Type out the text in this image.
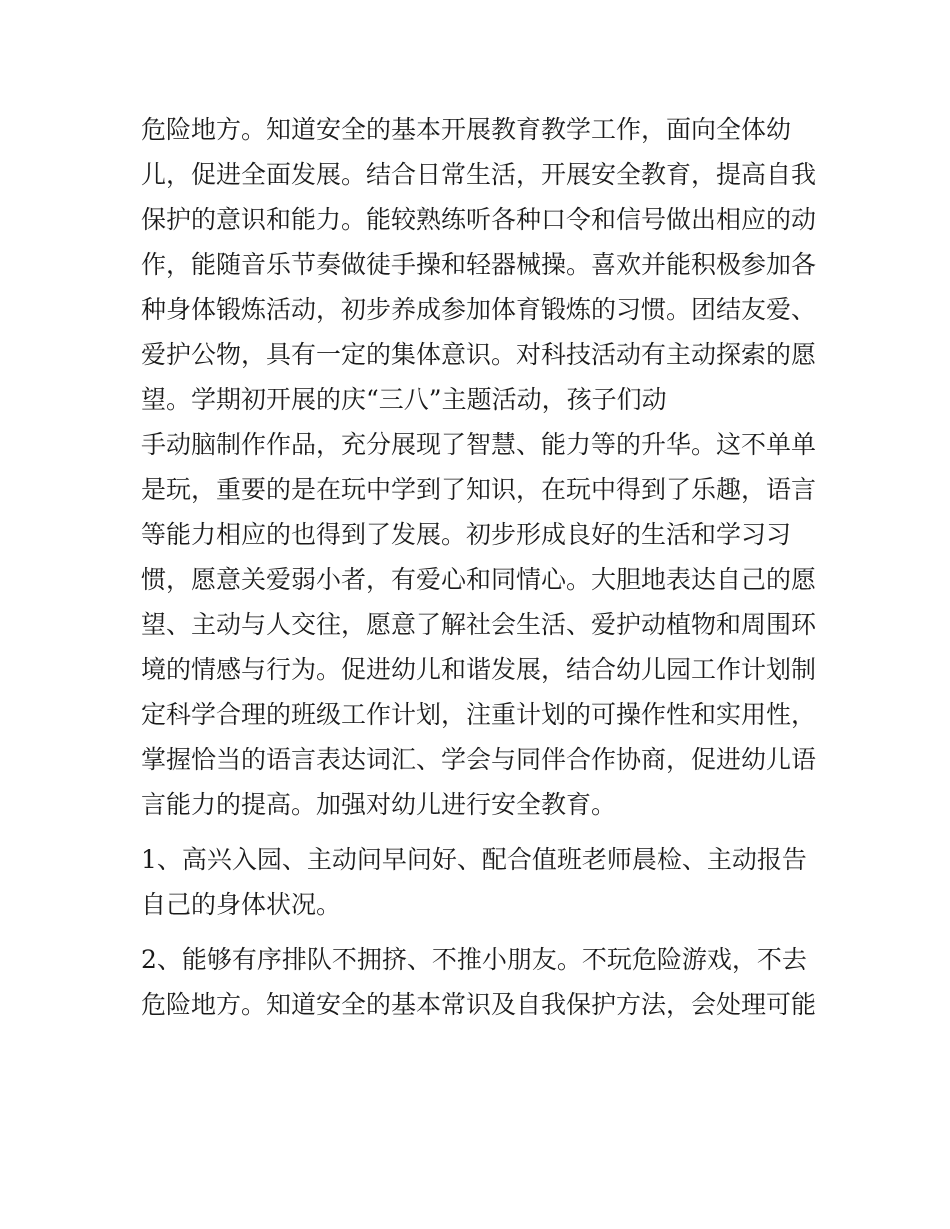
危险地方。知道安全的基本开展教育教学工作，面向全体幼
儿，促进全面发展。结合日常生活，开展安全教育，提高自我
保护的意识和能力。能较熟练听各种口令和信号做出相应的动
作，能随音乐节奏做徒手操和轻器械操。喜欢并能积极参加各
种身体锻炼活动，初步养成参加体育锻炼的习惯。团结友爱、
爱护公物，具有一定的集体意识。对科技活动有主动探索的愿
望。学期初开展的庆“三八”主题活动，孩子们动
手动脑制作作品，充分展现了智慧、能力等的升华。这不单单
是玩，重要的是在玩中学到了知识，在玩中得到了乐趣，语言
等能力相应的也得到了发展。初步形成良好的生活和学习习
惯，愿意关爱弱小者，有爱心和同情心。大胆地表达自己的愿
望、主动与人交往，愿意了解社会生活、爱护动植物和周围环
境的情感与行为。促进幼儿和谐发展，结合幼儿园工作计划制
定科学合理的班级工作计划，注重计划的可操作性和实用性，
掌握恰当的语言表达词汇、学会与同伴合作协商，促进幼儿语
言能力的提高。加强对幼儿进行安全教育。
1、高兴入园、主动问早问好、配合值班老师晨检、主动报告
自己的身体状况。
2、能够有序排队不拥挤、不推小朋友。不玩危险游戏，不去
危险地方。知道安全的基本常识及自我保护方法，会处理可能
